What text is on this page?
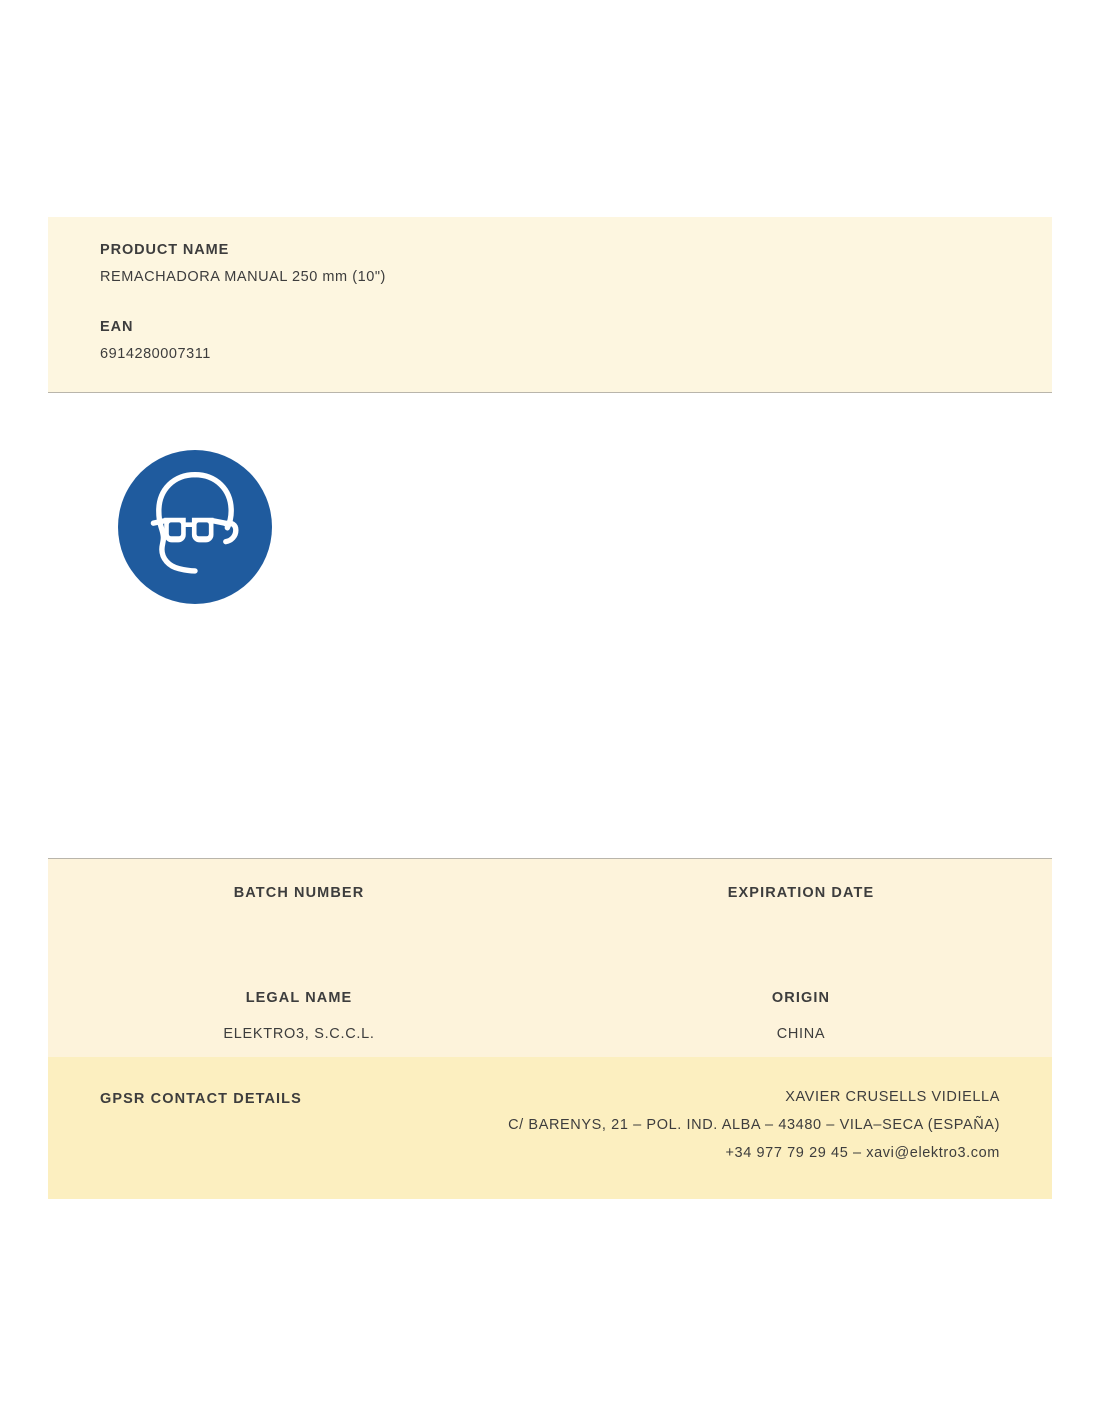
PRODUCT NAME

REMACHADORA MANUAL 250 mm (10")

EAN

6914280007311

BATCH NUMBER	EXPIRATION DATE

LEGAL NAME

ELEKTRO3, S.C.C.L.

ORIGIN

CHINA

GPSR CONTACT DETAILS	XAVIER CRUSELLS VIDIELLA

C/ BARENYS, 21 – POL. IND. ALBA – 43480 – VILA–SECA (ESPAÑA)

+34 977 79 29 45 – xavi@elektro3.com
